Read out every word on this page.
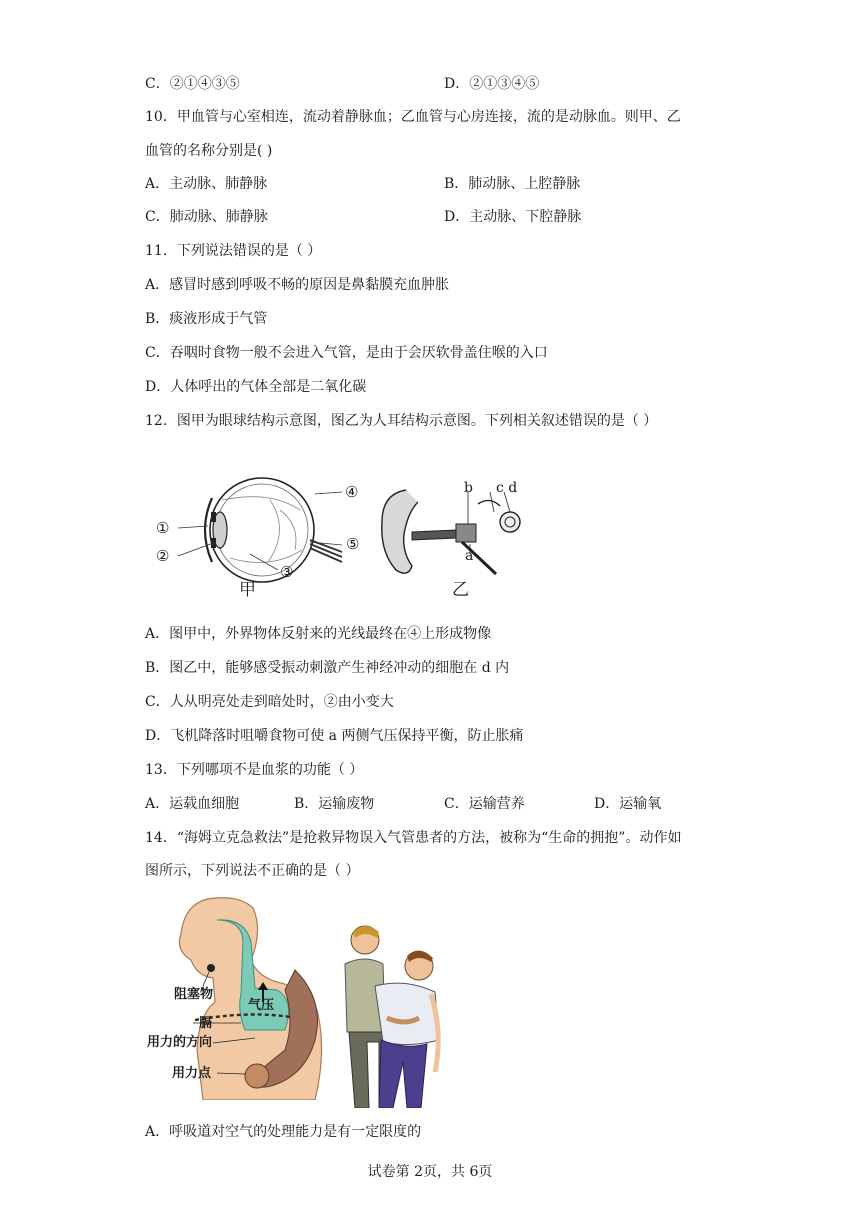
C．②①④③⑤	D．②①③④⑤
10．甲血管与心室相连，流动着静脉血；乙血管与心房连接，流的是动脉血。则甲、乙
血管的名称分别是( )
A．主动脉、肺静脉	B．肺动脉、上腔静脉
C．肺动脉、肺静脉	D．主动脉、下腔静脉
11．下列说法错误的是（ ）
A．感冒时感到呼吸不畅的原因是鼻黏膜充血肿胀
B．痰液形成于气管
C．吞咽时食物一般不会进入气管，是由于会厌软骨盖住喉的入口
D．人体呼出的气体全部是二氧化碳
12．图甲为眼球结构示意图，图乙为人耳结构示意图。下列相关叙述错误的是（ ）
①
②
③
④
⑤
甲
b c d
a
乙
A．图甲中，外界物体反射来的光线最终在④上形成物像
B．图乙中，能够感受振动刺激产生神经冲动的细胞在 d 内
C．人从明亮处走到暗处时，②由小变大
D．飞机降落时咀嚼食物可使 a 两侧气压保持平衡，防止胀痛
13．下列哪项不是血浆的功能（ ）
A．运载血细胞	B．运输废物	C．运输营养	D．运输氧
14．“海姆立克急救法”是抢救异物误入气管患者的方法，被称为“生命的拥抱”。动作如
图所示，下列说法不正确的是（ ）
阻塞物
气压
膈
用力的方向
用力点
A．呼吸道对空气的处理能力是有一定限度的
试卷第 2页，共 6页
